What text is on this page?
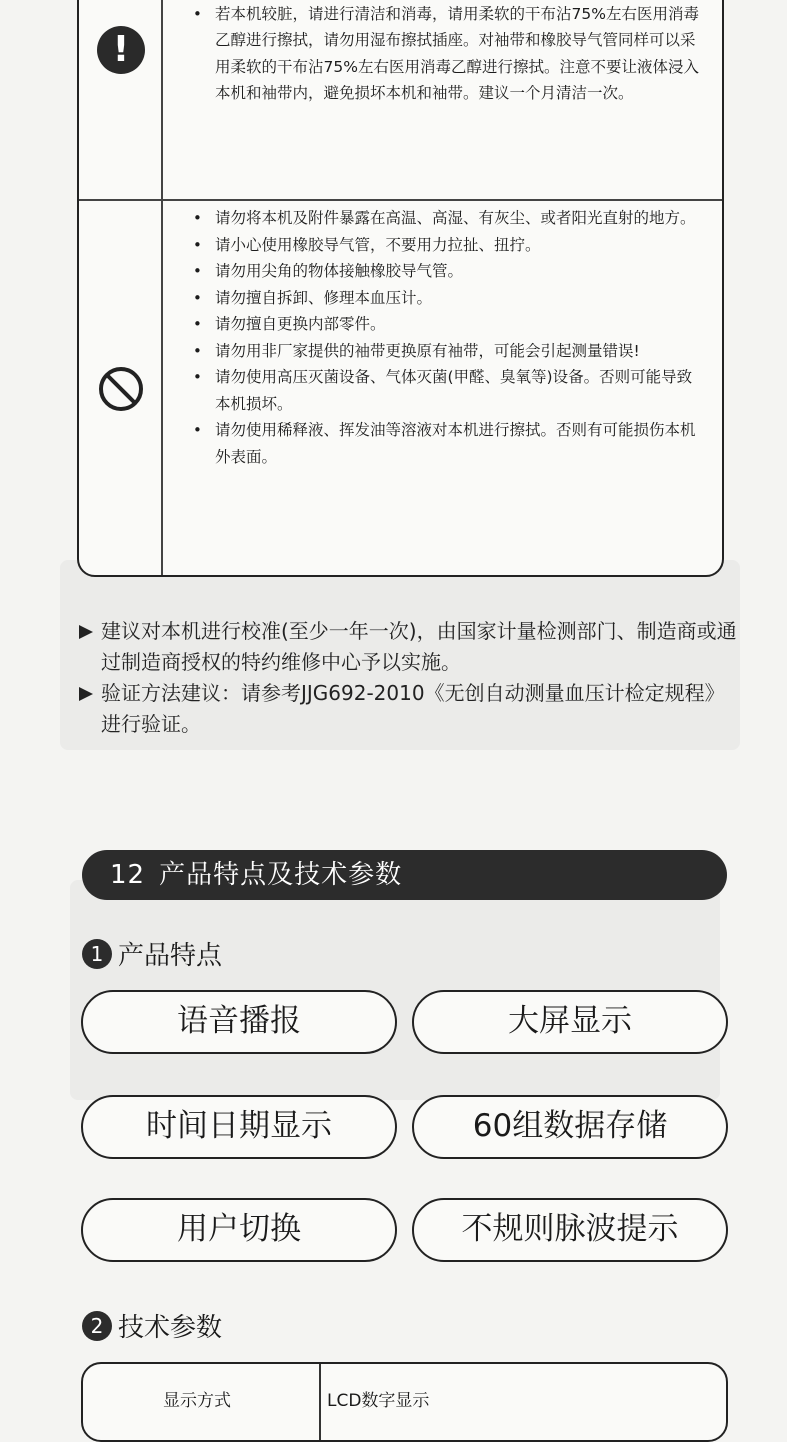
!
•
• 若本机较脏，请进行清洁和消毒，请用柔软的干布沾75%左右医用消毒乙醇进行擦拭，请勿用湿布擦拭插座。对袖带和橡胶导气管同样可以采用柔软的干布沾75%左右医用消毒乙醇进行擦拭。注意不要让液体浸入本机和袖带内，避免损坏本机和袖带。建议一个月清洁一次。
• 请勿将本机及附件暴露在高温、高湿、有灰尘、或者阳光直射的地方。
• 请小心使用橡胶导气管，不要用力拉扯、扭拧。
• 请勿用尖角的物体接触橡胶导气管。
• 请勿擅自拆卸、修理本血压计。
• 请勿擅自更换内部零件。
• 请勿用非厂家提供的袖带更换原有袖带，可能会引起测量错误!
• 请勿使用高压灭菌设备、气体灭菌(甲醛、臭氧等)设备。否则可能导致本机损坏。
• 请勿使用稀释液、挥发油等溶液对本机进行擦拭。否则有可能损伤本机外表面。

建议对本机进行校准(至少一年一次)，由国家计量检测部门、制造商或通过制造商授权的特约维修中心予以实施。

验证方法建议：请参考JJG692-2010《无创自动测量血压计检定规程》进行验证。

12 产品特点及技术参数
1 产品特点
语音播报	大屏显示
时间日期显示	60组数据存储
用户切换	不规则脉波提示
2 技术参数
显示方式	LCD数字显示
